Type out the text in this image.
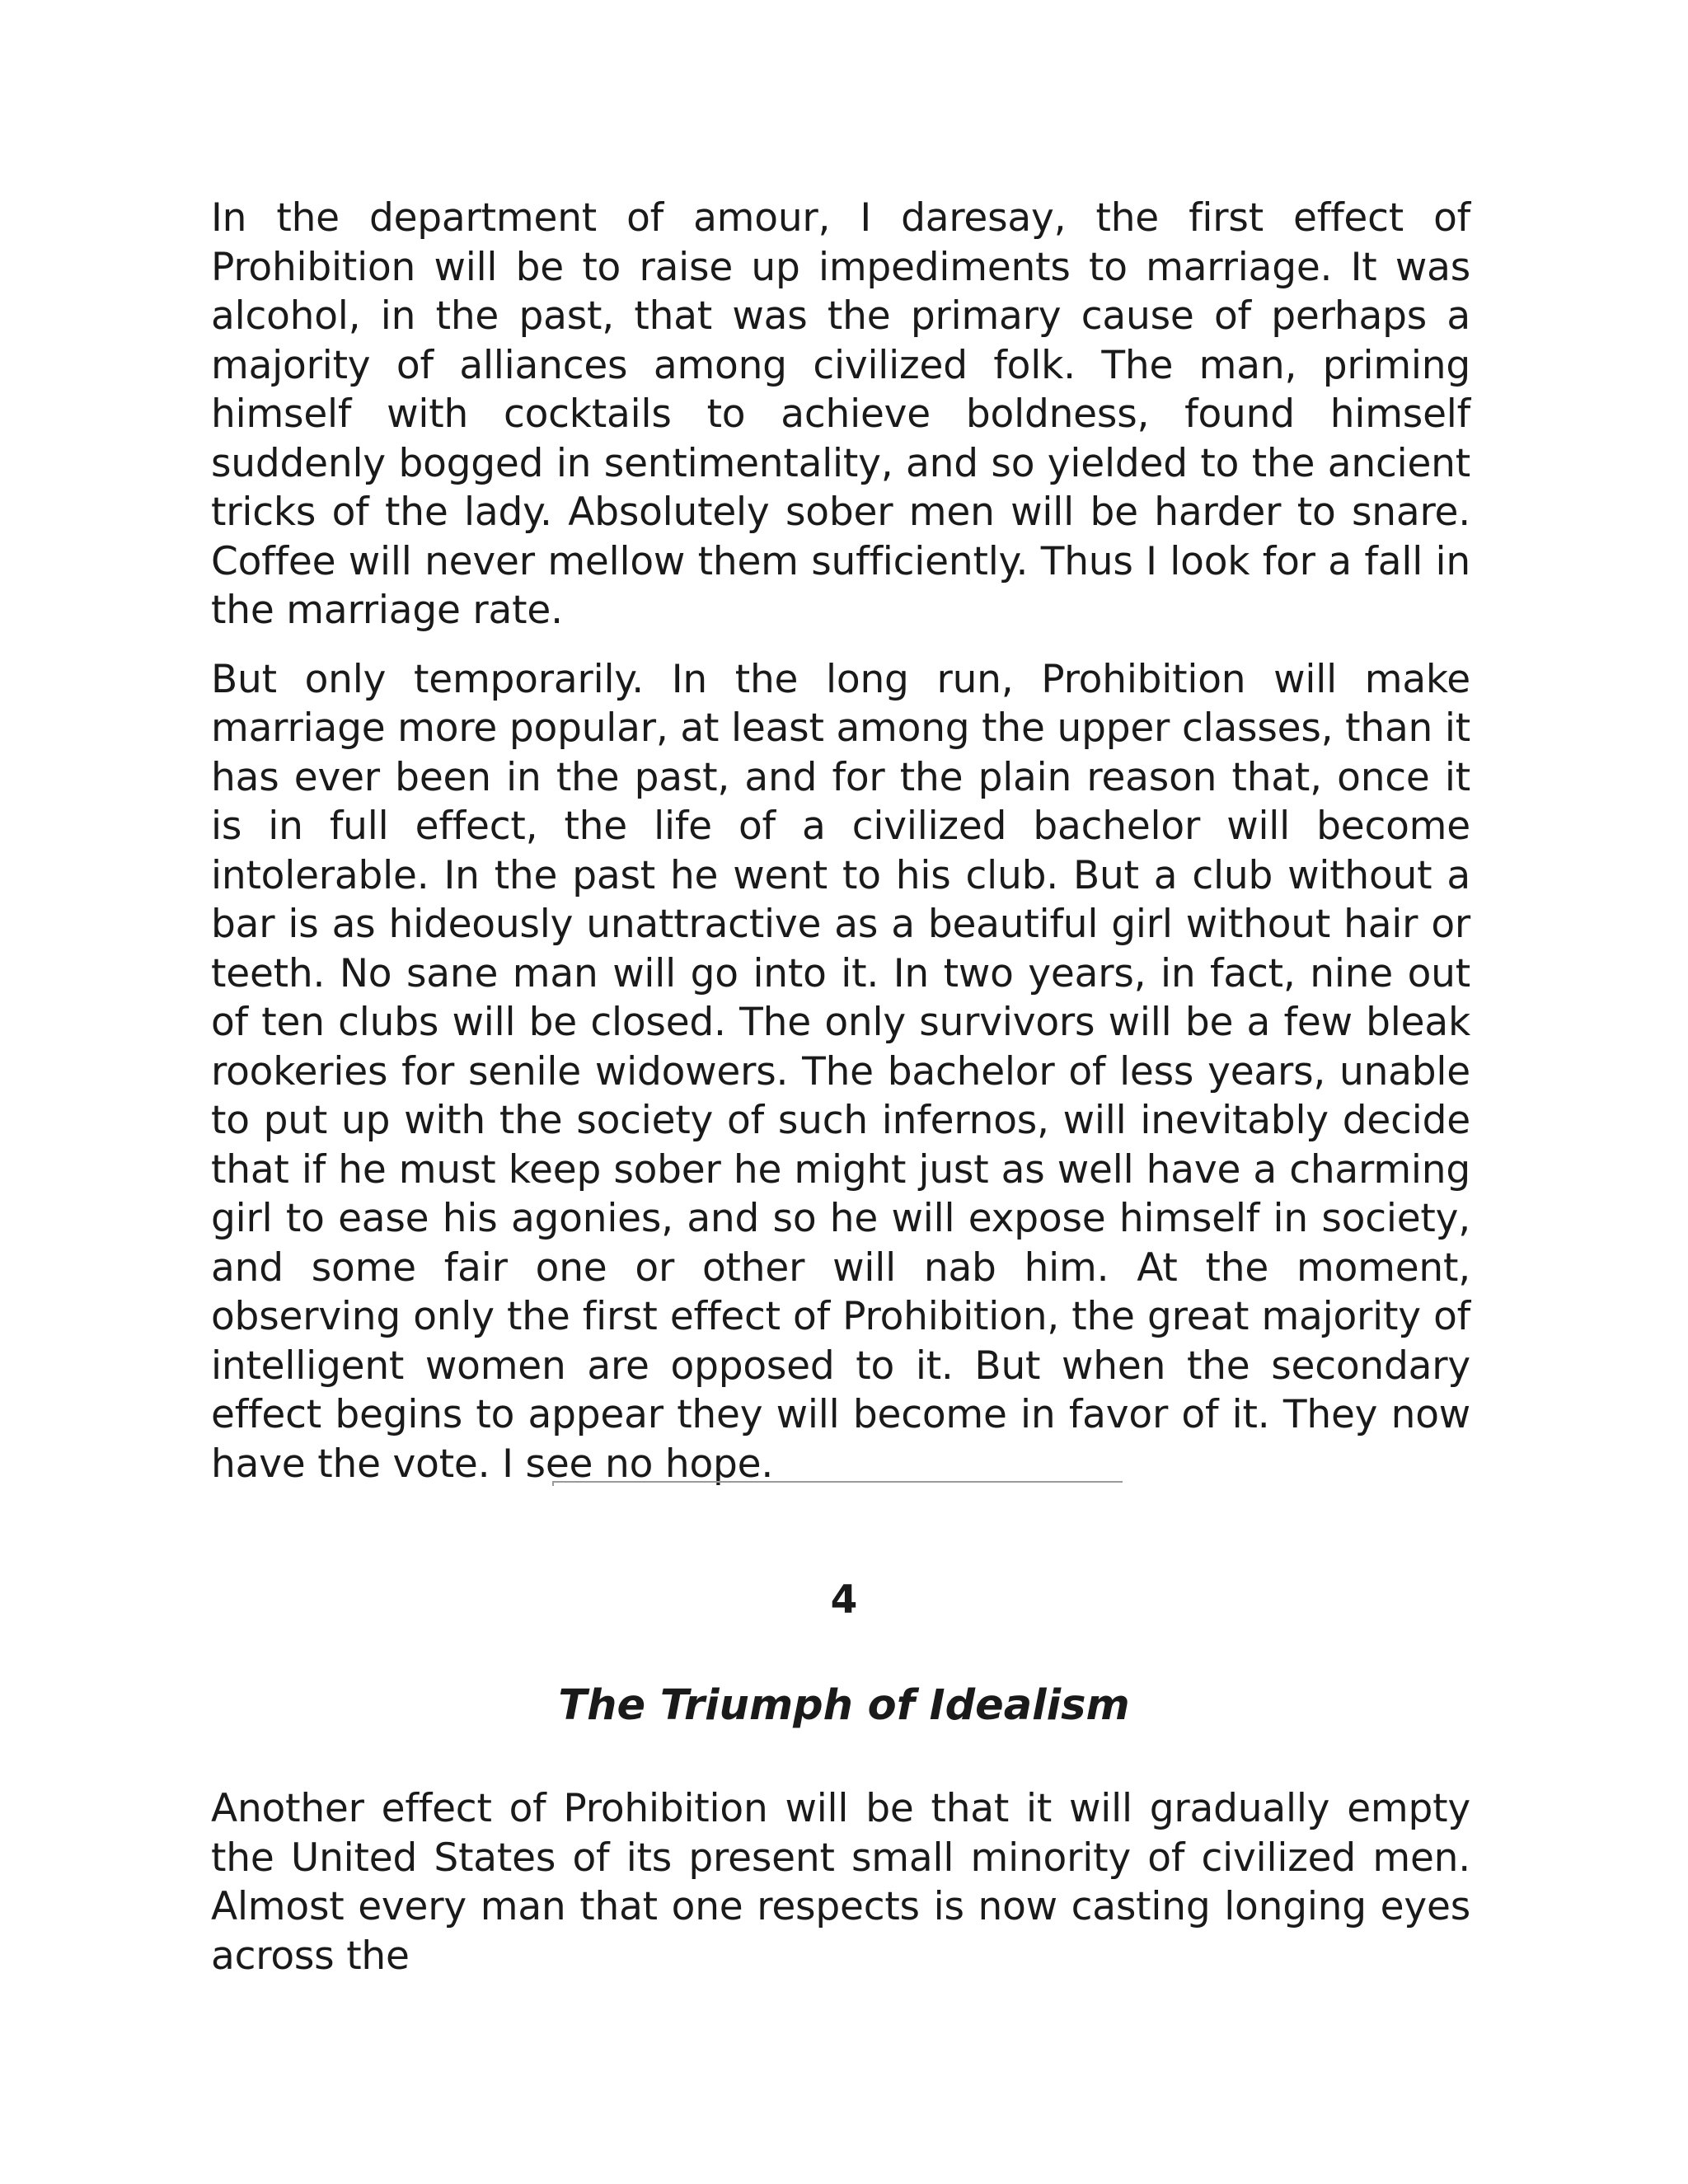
In the department of amour, I daresay, the first effect of Prohibition will be to raise up impediments to marriage. It was alcohol, in the past, that was the primary cause of perhaps a majority of alliances among civilized folk. The man, priming himself with cocktails to achieve boldness, found himself suddenly bogged in sentimentality, and so yielded to the ancient tricks of the lady. Absolutely sober men will be harder to snare. Coffee will never mellow them sufficiently. Thus I look for a fall in the marriage rate.

But only temporarily. In the long run, Prohibition will make marriage more popular, at least among the upper classes, than it has ever been in the past, and for the plain reason that, once it is in full effect, the life of a civilized bachelor will become intolerable. In the past he went to his club. But a club without a bar is as hideously unattractive as a beautiful girl without hair or teeth. No sane man will go into it. In two years, in fact, nine out of ten clubs will be closed. The only survivors will be a few bleak rookeries for senile widowers. The bachelor of less years, unable to put up with the society of such infernos, will inevitably decide that if he must keep sober he might just as well have a charming girl to ease his agonies, and so he will expose himself in society, and some fair one or other will nab him. At the moment, observing only the first effect of Prohibition, the great majority of intelligent women are opposed to it. But when the secondary effect begins to appear they will become in favor of it. They now have the vote. I see no hope.

4
The Triumph of Idealism

Another effect of Prohibition will be that it will gradually empty the United States of its present small minority of civilized men. Almost every man that one respects is now casting longing eyes across the
